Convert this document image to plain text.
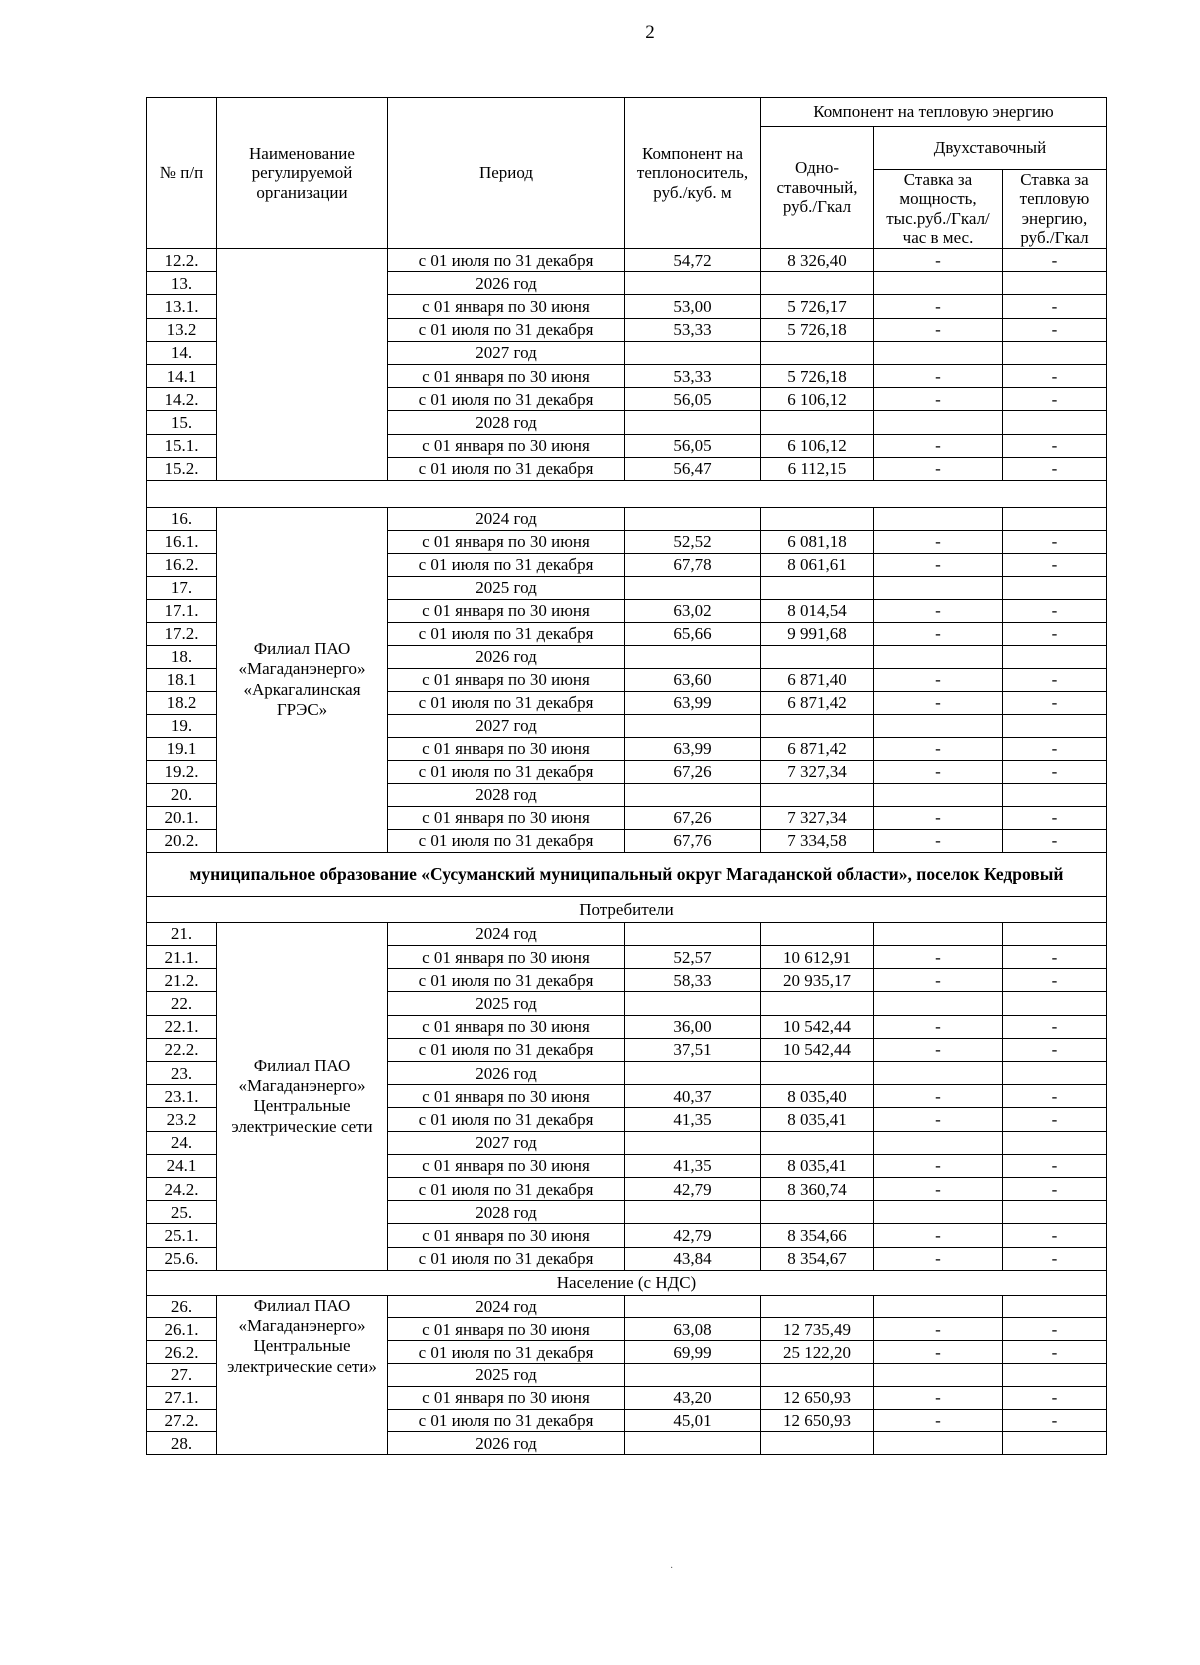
2
№ п/п	Наименование регулируемой организации	Период	Компонент на теплоноситель, руб./куб. м	Компонент на тепловую энергию		
				Одно-ставочный, руб./Гкал	Двухставочный	
					Ставка за мощность, тыс.руб./Гкал/ час в мес.	Ставка за тепловую энергию, руб./Гкал
12.2.		с 01 июля по 31 декабря	54,72	8 326,40	-	-
13.		2026 год				
13.1.		с 01 января по 30 июня	53,00	5 726,17	-	-
13.2		с 01 июля по 31 декабря	53,33	5 726,18	-	-
14.		2027 год				
14.1		с 01 января по 30 июня	53,33	5 726,18	-	-
14.2.		с 01 июля по 31 декабря	56,05	6 106,12	-	-
15.		2028 год				
15.1.		с 01 января по 30 июня	56,05	6 106,12	-	-
15.2.		с 01 июля по 31 декабря	56,47	6 112,15	-	-

16.	Филиал ПАО «Магаданэнерго» «Аркагалинская ГРЭС»	2024 год				
16.1.		с 01 января по 30 июня	52,52	6 081,18	-	-
16.2.		с 01 июля по 31 декабря	67,78	8 061,61	-	-
17.		2025 год				
17.1.		с 01 января по 30 июня	63,02	8 014,54	-	-
17.2.		с 01 июля по 31 декабря	65,66	9 991,68	-	-
18.		2026 год				
18.1		с 01 января по 30 июня	63,60	6 871,40	-	-
18.2		с 01 июля по 31 декабря	63,99	6 871,42	-	-
19.		2027 год				
19.1		с 01 января по 30 июня	63,99	6 871,42	-	-
19.2.		с 01 июля по 31 декабря	67,26	7 327,34	-	-
20.		2028 год				
20.1.		с 01 января по 30 июня	67,26	7 327,34	-	-
20.2.		с 01 июля по 31 декабря	67,76	7 334,58	-	-
муниципальное образование «Сусуманский муниципальный округ Магаданской области», поселок Кедровый						
Потребители						
21.	Филиал ПАО «Магаданэнерго» Центральные электрические сети	2024 год				
21.1.		с 01 января по 30 июня	52,57	10 612,91	-	-
21.2.		с 01 июля по 31 декабря	58,33	20 935,17	-	-
22.		2025 год				
22.1.		с 01 января по 30 июня	36,00	10 542,44	-	-
22.2.		с 01 июля по 31 декабря	37,51	10 542,44	-	-
23.		2026 год				
23.1.		с 01 января по 30 июня	40,37	8 035,40	-	-
23.2		с 01 июля по 31 декабря	41,35	8 035,41	-	-
24.		2027 год				
24.1		с 01 января по 30 июня	41,35	8 035,41	-	-
24.2.		с 01 июля по 31 декабря	42,79	8 360,74	-	-
25.		2028 год				
25.1.		с 01 января по 30 июня	42,79	8 354,66	-	-
25.6.		с 01 июля по 31 декабря	43,84	8 354,67	-	-
Население (с НДС)						
26.	Филиал ПАО «Магаданэнерго» Центральные электрические сети»	2024 год				
26.1.		с 01 января по 30 июня	63,08	12 735,49	-	-
26.2.		с 01 июля по 31 декабря	69,99	25 122,20	-	-
27.		2025 год				
27.1.		с 01 января по 30 июня	43,20	12 650,93	-	-
27.2.		с 01 июля по 31 декабря	45,01	12 650,93	-	-
28.		2026 год				
·
